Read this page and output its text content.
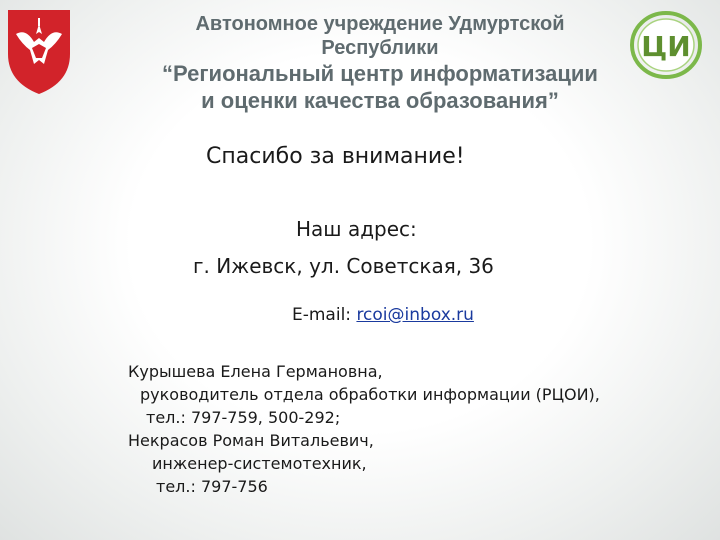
Автономное учреждение Удмуртской Республики
“Региональный центр информатизации
и оценки качества образования”
ЦИ
Спасибо за внимание!
Наш адрес:
г. Ижевск, ул. Советская, 36
E-mail: rcoi@inbox.ru
Курышева Елена Германовна,
руководитель отдела обработки информации (РЦОИ),
тел.: 797-759, 500-292;
Некрасов Роман Витальевич,
инженер-системотехник,
тел.: 797-756
